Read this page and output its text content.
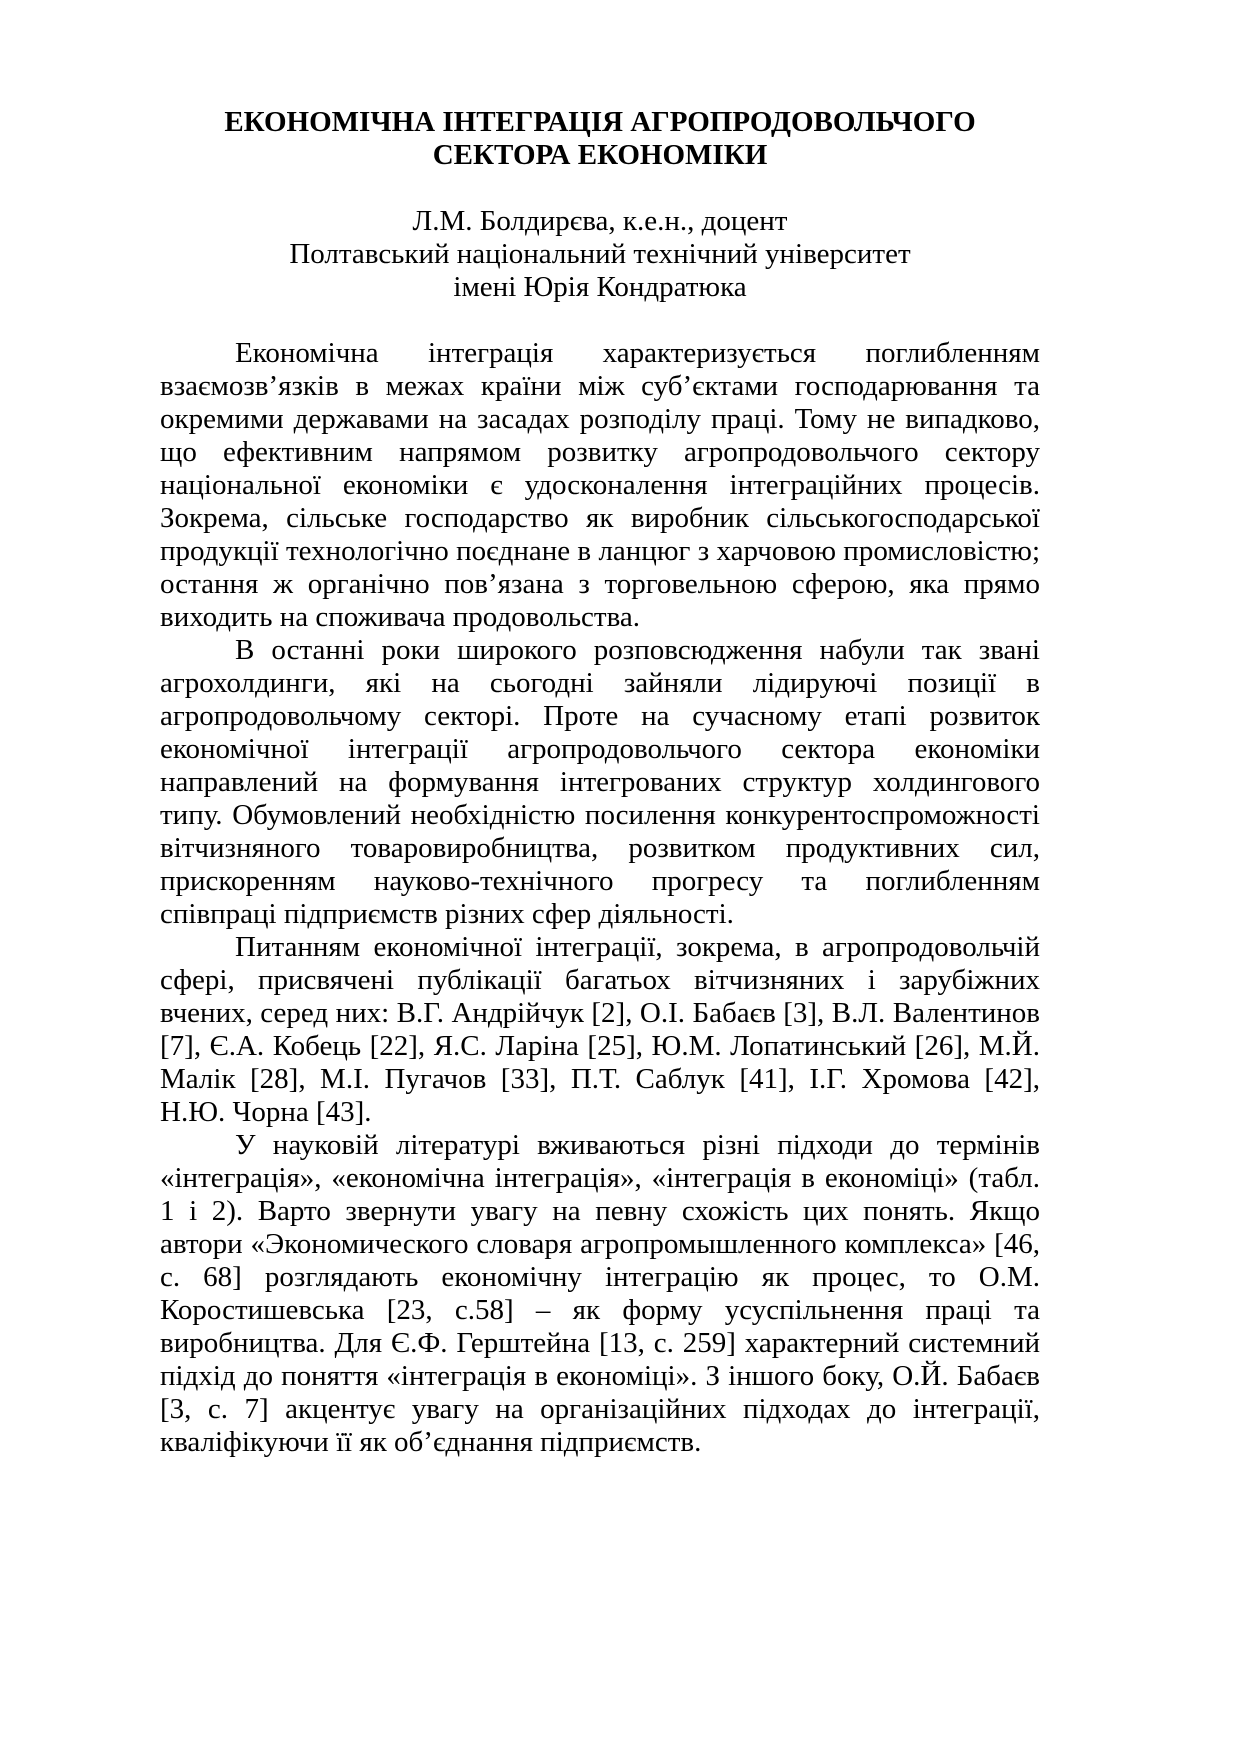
ЕКОНОМІЧНА ІНТЕГРАЦІЯ АГРОПРОДОВОЛЬЧОГО
СЕКТОРА ЕКОНОМІКИ
Л.М. Болдирєва, к.е.н., доцент
Полтавський національний технічний університет
імені Юрія Кондратюка

Економічна інтеграція характеризується поглибленням взаємозв’язків в межах країни між суб’єктами господарювання та окремими державами на засадах розподілу праці. Тому не випадково, що ефективним напрямом розвитку агропродовольчого сектору національної економіки є удосконалення інтеграційних процесів. Зокрема, сільське господарство як виробник сільськогосподарської продукції технологічно поєднане в ланцюг з харчовою промисловістю; остання ж органічно пов’язана з торговельною сферою, яка прямо виходить на споживача продовольства.

В останні роки широкого розповсюдження набули так звані агрохолдинги, які на сьогодні зайняли лідируючі позиції в агропродовольчому секторі. Проте на сучасному етапі розвиток економічної інтеграції агропродовольчого сектора економіки направлений на формування інтегрованих структур холдингового типу. Обумовлений необхідністю посилення конкурентоспроможності вітчизняного товаровиробництва, розвитком продуктивних сил, прискоренням науково-технічного прогресу та поглибленням співпраці підприємств різних сфер діяльності.

Питанням економічної інтеграції, зокрема, в агропродовольчій сфері, присвячені публікації багатьох вітчизняних і зарубіжних вчених, серед них: В.Г. Андрійчук [2], О.І. Бабаєв [3], В.Л. Валентинов [7], Є.А. Кобець [22], Я.С. Ларіна [25], Ю.М. Лопатинський [26], М.Й. Малік [28], М.І. Пугачов [33], П.Т. Саблук [41], І.Г. Хромова [42], Н.Ю. Чорна [43].

У науковій літературі вживаються різні підходи до термінів «інтеграція», «економічна інтеграція», «інтеграція в економіці» (табл. 1 і 2). Варто звернути увагу на певну схожість цих понять. Якщо автори «Экономического словаря агропромышленного комплекса» [46, с. 68] розглядають економічну інтеграцію як процес, то О.М. Коростишевська [23, с.58] – як форму усуспільнення праці та виробництва. Для Є.Ф. Герштейна [13, с. 259] характерний системний підхід до поняття «інтеграція в економіці». З іншого боку, О.Й. Бабаєв [3, с. 7] акцентує увагу на організаційних підходах до інтеграції, кваліфікуючи її як об’єднання підприємств.
